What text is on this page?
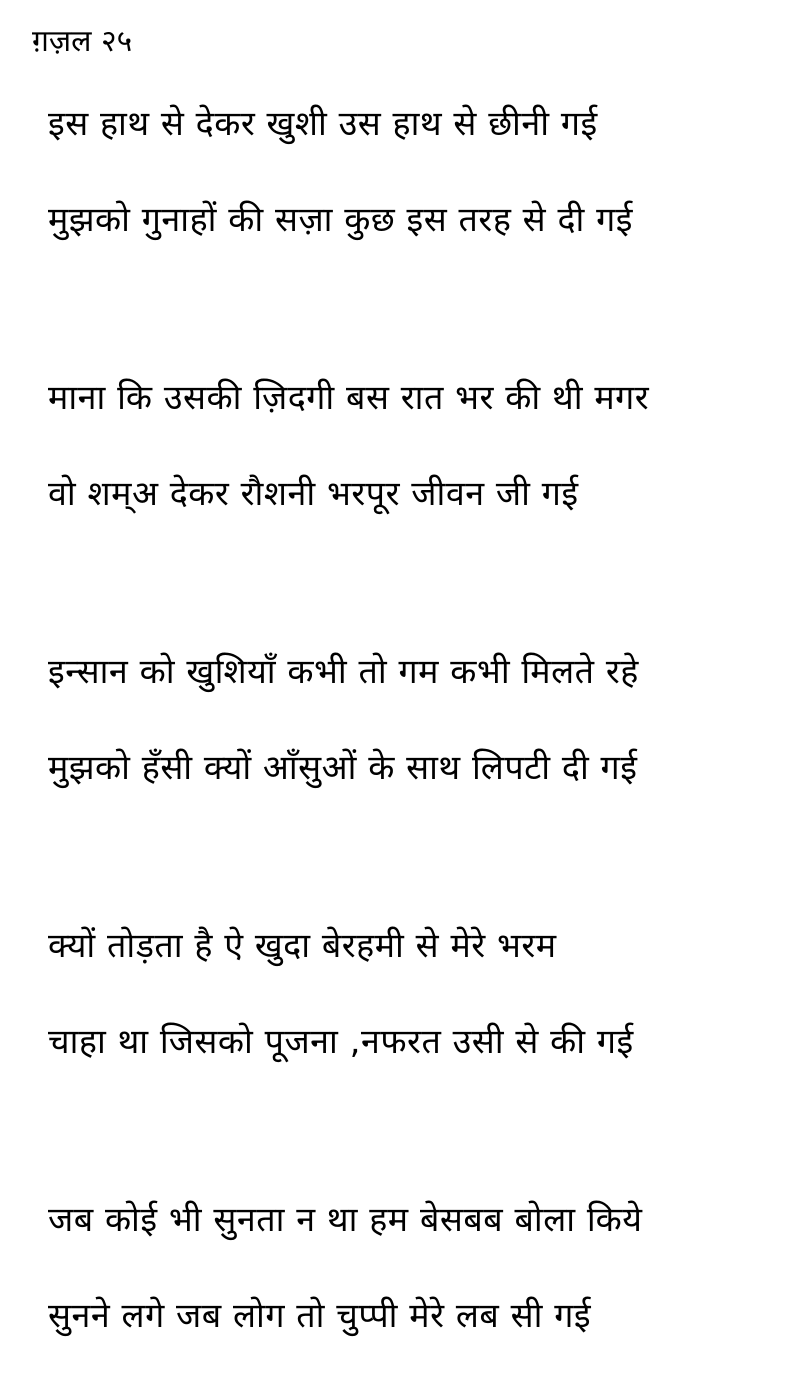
ग़ज़ल २५
इस हाथ से देकर खुशी उस हाथ से छीनी गई
मुझको गुनाहों की सज़ा कुछ इस तरह से दी गई
माना कि उसकी ज़िदगी बस रात भर की थी मगर
वो शम्अ देकर रौशनी भरपूर जीवन जी गई
इन्सान को खुशियाँ कभी तो गम कभी मिलते रहे
मुझको हँसी क्यों आँसुओं के साथ लिपटी दी गई
क्यों तोड़ता है ऐ खुदा बेरहमी से मेरे भरम
चाहा था जिसको पूजना ,नफरत उसी से की गई
जब कोई भी सुनता न था हम बेसबब बोला किये
सुनने लगे जब लोग तो चुप्पी मेरे लब सी गई
